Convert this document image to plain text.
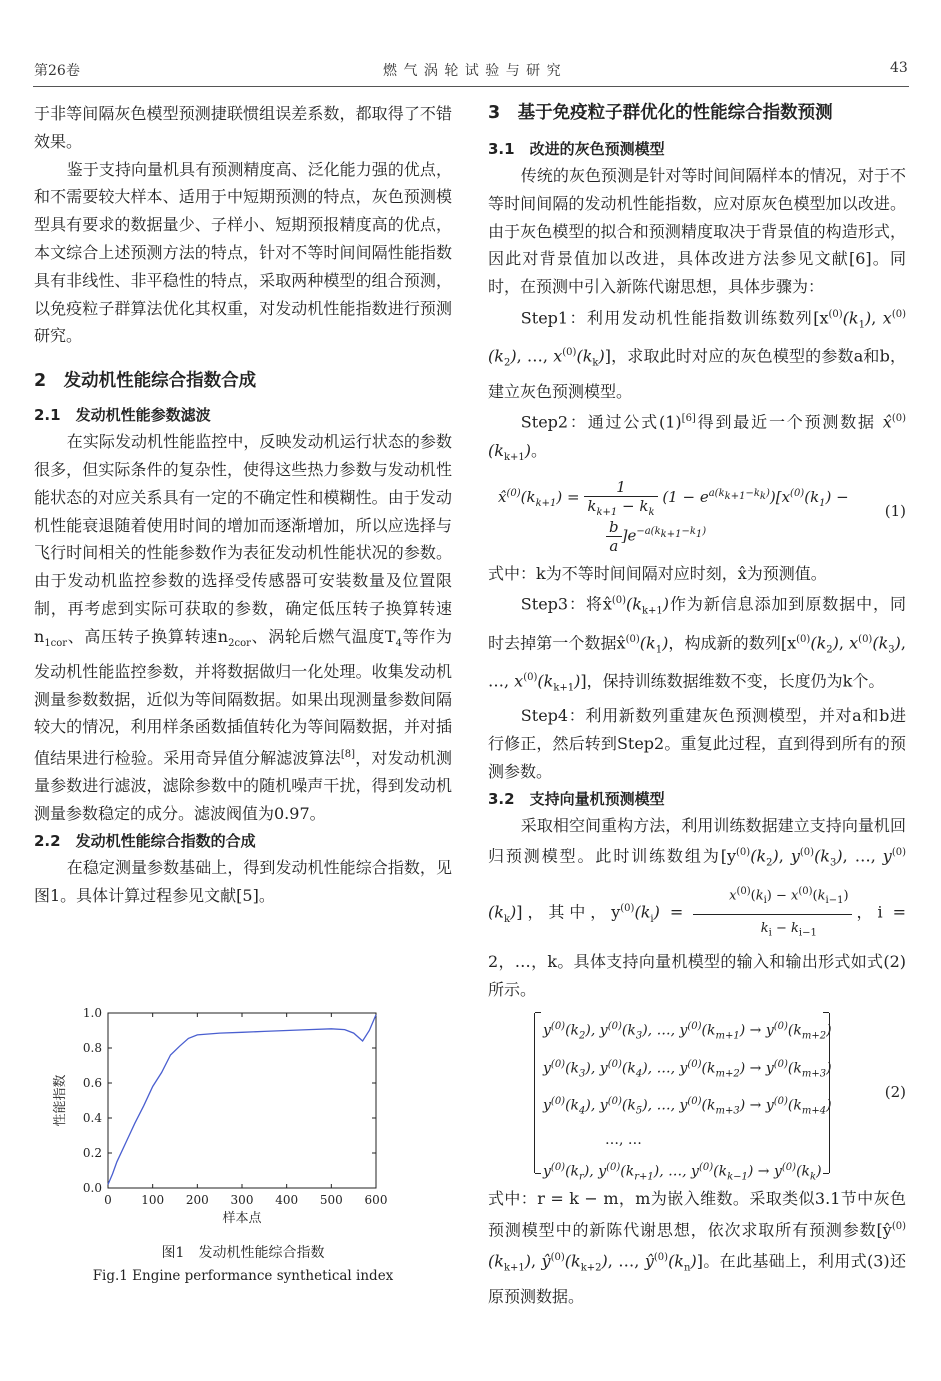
第26卷	燃 气 涡 轮 试 验 与 研 究	43

于非等间隔灰色模型预测捷联惯组误差系数，都取得了不错效果。

鉴于支持向量机具有预测精度高、泛化能力强的优点，和不需要较大样本、适用于中短期预测的特点，灰色预测模型具有要求的数据量少、子样小、短期预报精度高的优点，本文综合上述预测方法的特点，针对不等时间间隔性能指数具有非线性、非平稳性的特点，采取两种模型的组合预测，以免疫粒子群算法优化其权重，对发动机性能指数进行预测研究。

2　发动机性能综合指数合成
2.1　发动机性能参数滤波

在实际发动机性能监控中，反映发动机运行状态的参数很多，但实际条件的复杂性，使得这些热力参数与发动机性能状态的对应关系具有一定的不确定性和模糊性。由于发动机性能衰退随着使用时间的增加而逐渐增加，所以应选择与飞行时间相关的性能参数作为表征发动机性能状况的参数。由于发动机监控参数的选择受传感器可安装数量及位置限制，再考虑到实际可获取的参数，确定低压转子换算转速$n_{1cor}$、高压转子换算转速$n_{2cor}$、涡轮后燃气温度$T_4$等作为发动机性能监控参数，并将数据做归一化处理。收集发动机测量参数数据，近似为等间隔数据。如果出现测量参数间隔较大的情况，利用样条函数插值转化为等间隔数据，并对插值结果进行检验。采用奇异值分解滤波算法[8]，对发动机测量参数进行滤波，滤除参数中的随机噪声干扰，得到发动机测量参数稳定的成分。滤波阀值为0.97。

2.2　发动机性能综合指数的合成

在稳定测量参数基础上，得到发动机性能综合指数，见图1。具体计算过程参见文献[5]。

0 100 200 300 400 500 600
0.0
0.2
0.4
0.6
0.8
1.0
样本点
性能指数
图1　发动机性能综合指数
Fig.1 Engine performance synthetical index
3　基于免疫粒子群优化的性能综合指数预测
3.1　改进的灰色预测模型

传统的灰色预测是针对等时间间隔样本的情况，对于不等时间间隔的发动机性能指数，应对原灰色模型加以改进。由于灰色模型的拟合和预测精度取决于背景值的构造形式，因此对背景值加以改进，具体改进方法参见文献[6]。同时，在预测中引入新陈代谢思想，具体步骤为：

Step1：利用发动机性能指数训练数列[$x^{(0)}(k_1)$, $x^{(0)}(k_2)$, …, $x^{(0)}(k_k)$]，求取此时对应的灰色模型的参数a和b，建立灰色预测模型。

Step2：通过公式(1)[6]得到最近一个预测数据 $x̂^{(0)}(k_{k+1})$。

$x̂^{(0)}(k_{k+1}) = \frac{1}{k_{k+1} - k_k} (1 - e^{a(k_{k+1}-k_k)})[x^{(0)}(k_1)$ −
$\frac{b}{a} ]e^{-a(k_{k+1}-k_1)}$
(1)

式中：k为不等时间间隔对应时刻，x̂为预测值。

Step3：将$x̂^{(0)}(k_{k+1})$作为新信息添加到原数据中，同时去掉第一个数据$x̂^{(0)}(k_1)$，构成新的数列[$x^{(0)}(k_2)$, $x^{(0)}(k_3)$, …, $x^{(0)}(k_{k+1})$]，保持训练数据维数不变，长度仍为k个。

Step4：利用新数列重建灰色预测模型，并对a和b进行修正，然后转到Step2。重复此过程，直到得到所有的预测参数。

3.2　支持向量机预测模型

采取相空间重构方法，利用训练数据建立支持向量机回归预测模型。此时训练数组为[$y^{(0)}(k_2)$, $y^{(0)}(k_3)$, …, $y^{(0)}(k_k)$]，其中，$y^{(0)}(k_i) = \frac{x^{(0)}(k_i) - x^{(0)}(k_{i-1})}{k_i - k_{i-1}}$ ，i = 2，…，k。具体支持向量机模型的输入和输出形式如式(2)所示。

$y^{(0)}(k_2)$, $y^{(0)}(k_3)$, …, $y^{(0)}(k_{m+1}) \to y^{(0)}(k_{m+2})$
$y^{(0)}(k_3)$, $y^{(0)}(k_4)$, …, $y^{(0)}(k_{m+2}) \to y^{(0)}(k_{m+3})$
$y^{(0)}(k_4)$, $y^{(0)}(k_5)$, …, $y^{(0)}(k_{m+3}) \to y^{(0)}(k_{m+4})$
…, …
$y^{(0)}(k_r)$, $y^{(0)}(k_{r+1})$, …, $y^{(0)}(k_{k-1}) \to y^{(0)}(k_k)$
(2)

式中：r = k − m，m为嵌入维数。采取类似3.1节中灰色预测模型中的新陈代谢思想，依次求取所有预测参数[$ŷ^{(0)}(k_{k+1})$, $ŷ^{(0)}(k_{k+2})$, …, $ŷ^{(0)}(k_n)$]。在此基础上，利用式(3)还原预测数据。
